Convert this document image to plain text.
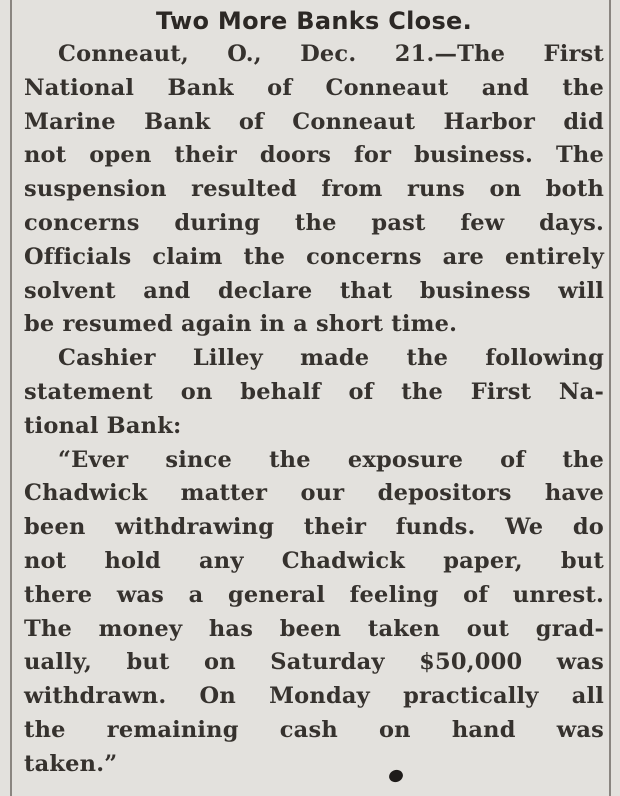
Two More Banks Close.
Conneaut, O., Dec. 21.—The First
National Bank of Conneaut and the
Marine Bank of Conneaut Harbor did
not open their doors for business. The
suspension resulted from runs on both
concerns during the past few days.
Officials claim the concerns are entirely
solvent and declare that business will
be resumed again in a short time.
Cashier Lilley made the following
statement on behalf of the First Na-
tional Bank:
“Ever since the exposure of the
Chadwick matter our depositors have
been withdrawing their funds. We do
not hold any Chadwick paper, but
there was a general feeling of unrest.
The money has been taken out grad-
ually, but on Saturday $50,000 was
withdrawn. On Monday practically all
the remaining cash on hand was
taken.”
